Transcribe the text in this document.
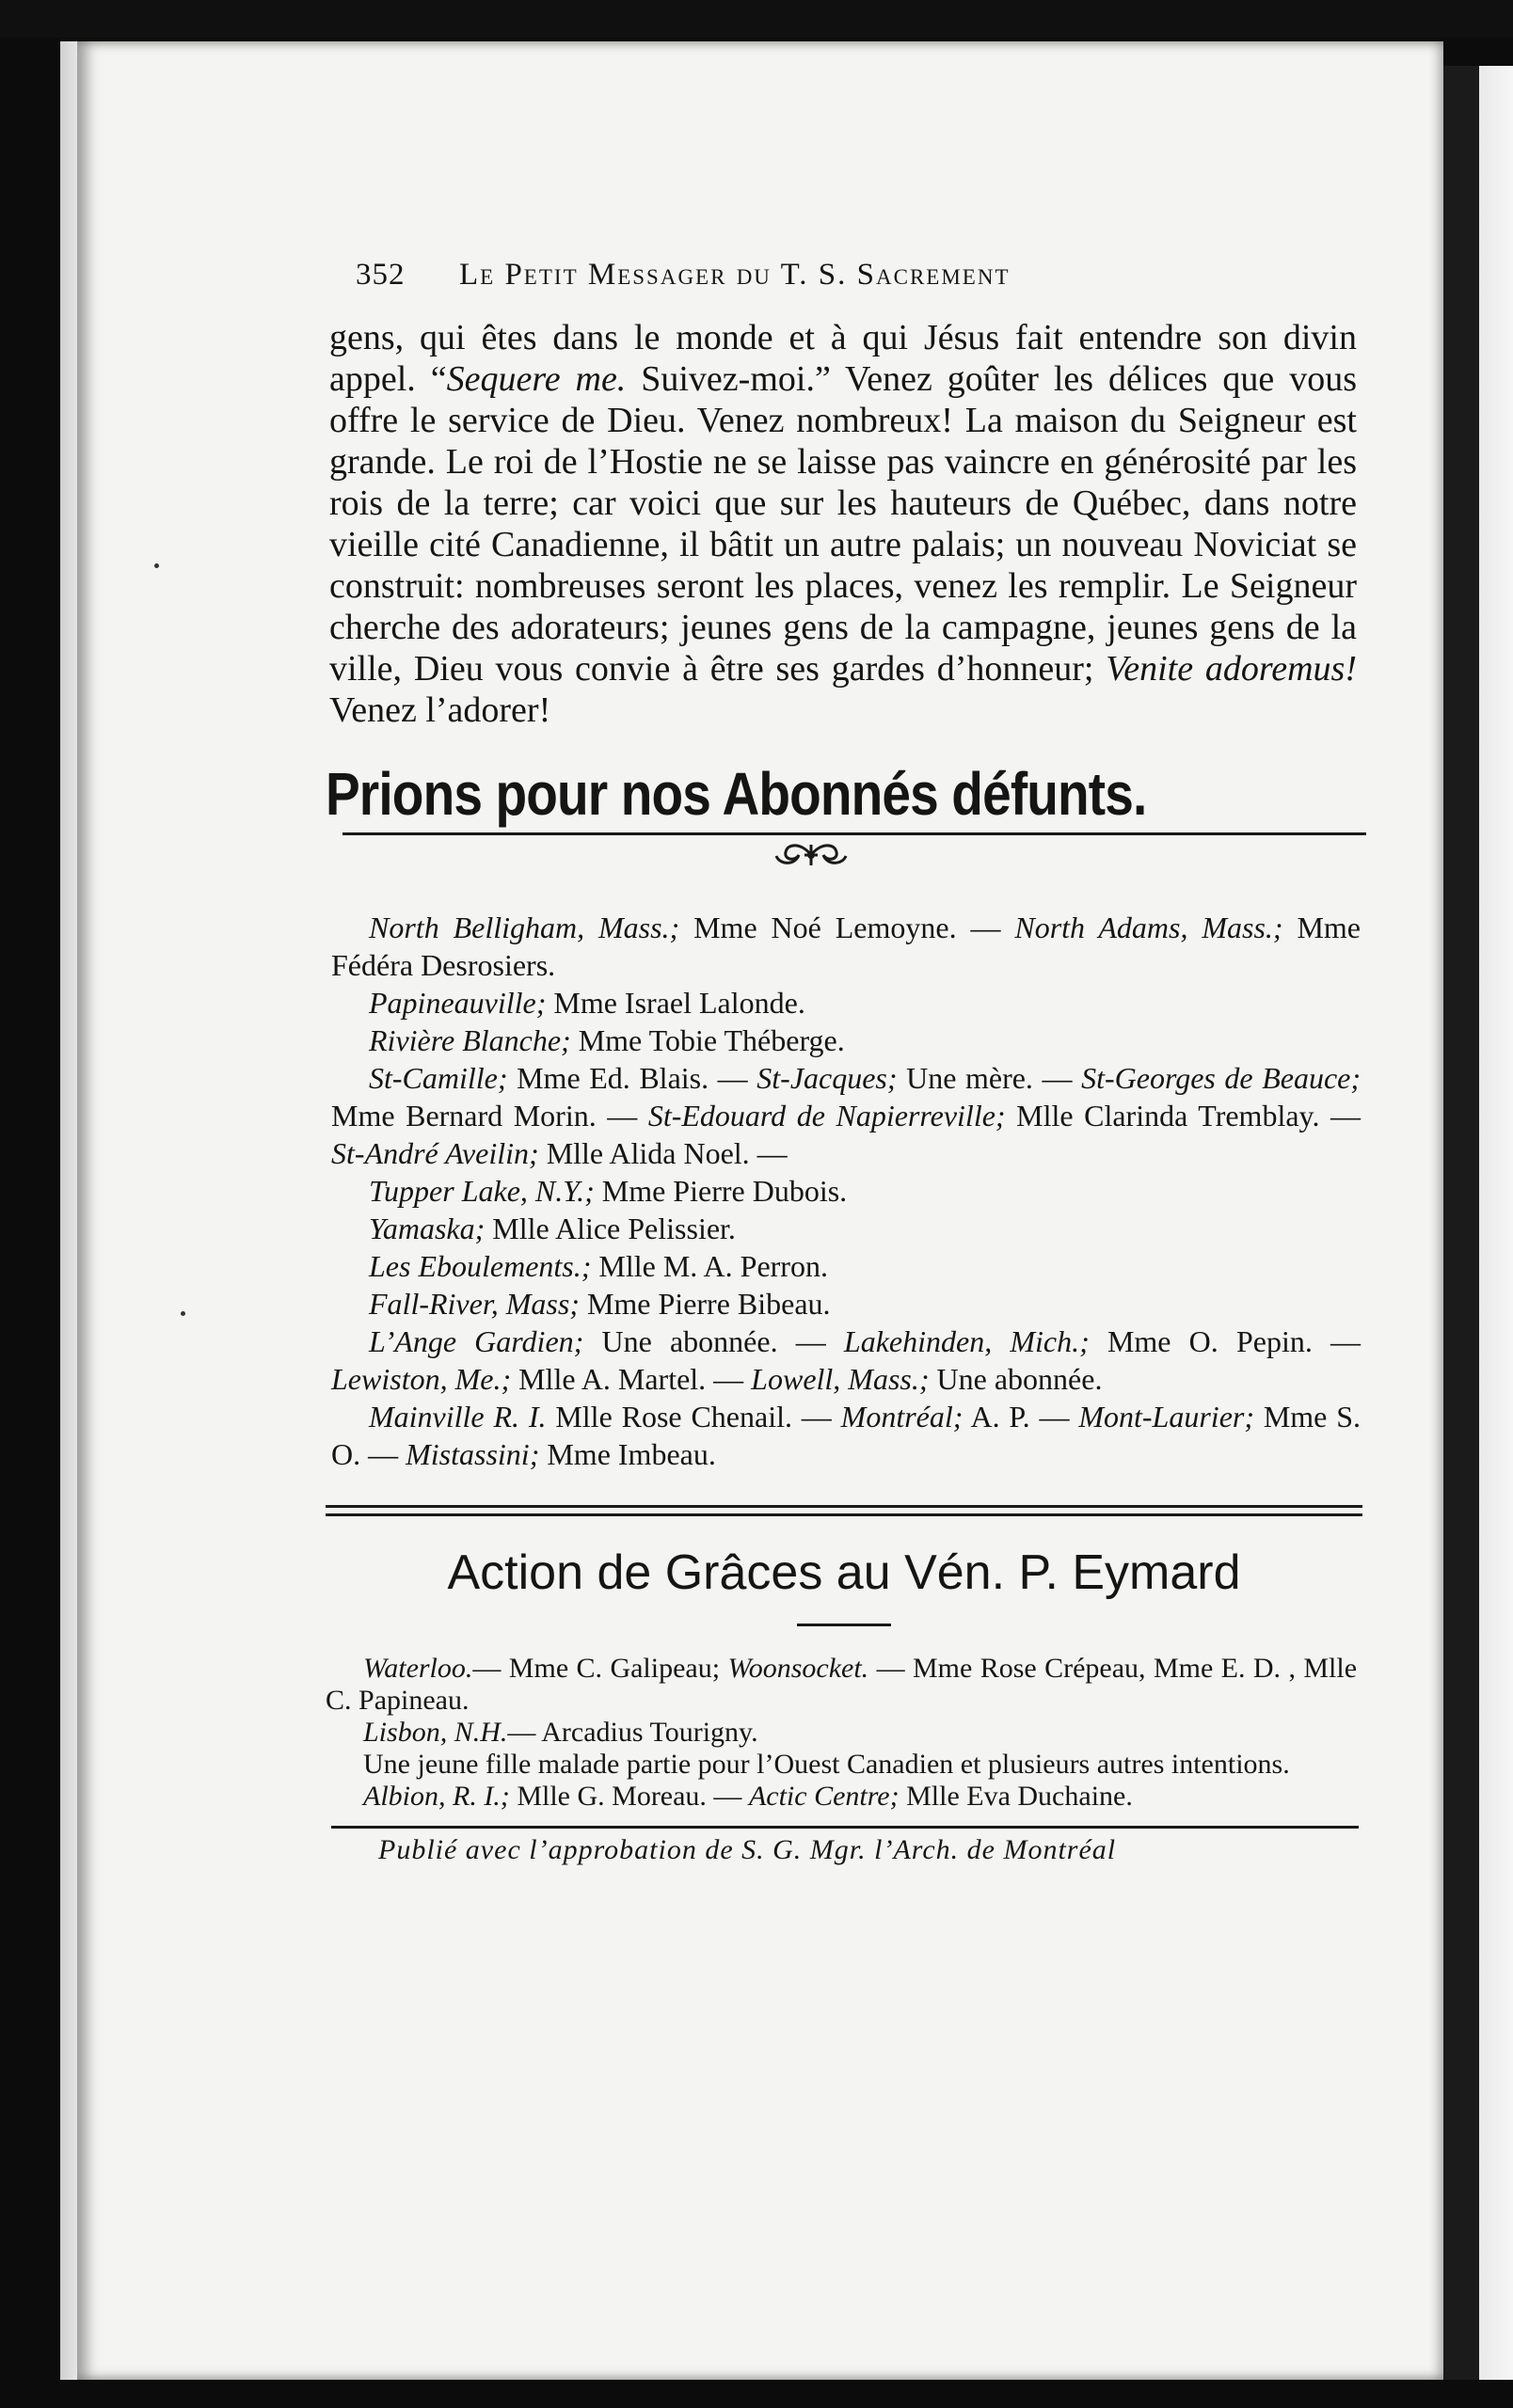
352	Le Petit Messager du T. S. Sacrement
gens, qui êtes dans le monde et à qui Jésus fait entendre son divin appel. “Sequere me. Suivez-moi.” Venez goûter les délices que vous offre le service de Dieu. Venez nombreux! La maison du Seigneur est grande. Le roi de l’Hostie ne se laisse pas vaincre en générosité par les rois de la terre; car voici que sur les hauteurs de Québec, dans notre vieille cité Canadienne, il bâtit un autre palais; un nouveau Noviciat se construit: nombreuses seront les places, venez les remplir. Le Seigneur cherche des adorateurs; jeunes gens de la campagne, jeunes gens de la ville, Dieu vous convie à être ses gardes d’honneur; Venite adoremus! Venez l’adorer!
Prions pour nos Abonnés défunts.

North Belligham, Mass.; Mme Noé Lemoyne. — North Adams, Mass.; Mme Fédéra Desrosiers.

Papineauville; Mme Israel Lalonde.

Rivière Blanche; Mme Tobie Théberge.

St-Camille; Mme Ed. Blais. — St-Jacques; Une mère. — St-Georges de Beauce; Mme Bernard Morin. — St-Edouard de Napierreville; Mlle Clarinda Tremblay. — St-André Aveilin; Mlle Alida Noel. —

Tupper Lake, N.Y.; Mme Pierre Dubois.

Yamaska; Mlle Alice Pelissier.

Les Eboulements.; Mlle M. A. Perron.

Fall-River, Mass; Mme Pierre Bibeau.

L’Ange Gardien; Une abonnée. — Lakehinden, Mich.; Mme O. Pepin. — Lewiston, Me.; Mlle A. Martel. — Lowell, Mass.; Une abonnée.

Mainville R. I. Mlle Rose Chenail. — Montréal; A. P. — Mont-Laurier; Mme S. O. — Mistassini; Mme Imbeau.

Action de Grâces au Vén. P. Eymard

Waterloo.— Mme C. Galipeau; Woonsocket. — Mme Rose Crépeau, Mme E. D. , Mlle C. Papineau.

Lisbon, N.H.— Arcadius Tourigny.

Une jeune fille malade partie pour l’Ouest Canadien et plusieurs autres intentions.

Albion, R. I.; Mlle G. Moreau. — Actic Centre; Mlle Eva Duchaine.

Publié avec l’approbation de S. G. Mgr. l’Arch. de Montréal
